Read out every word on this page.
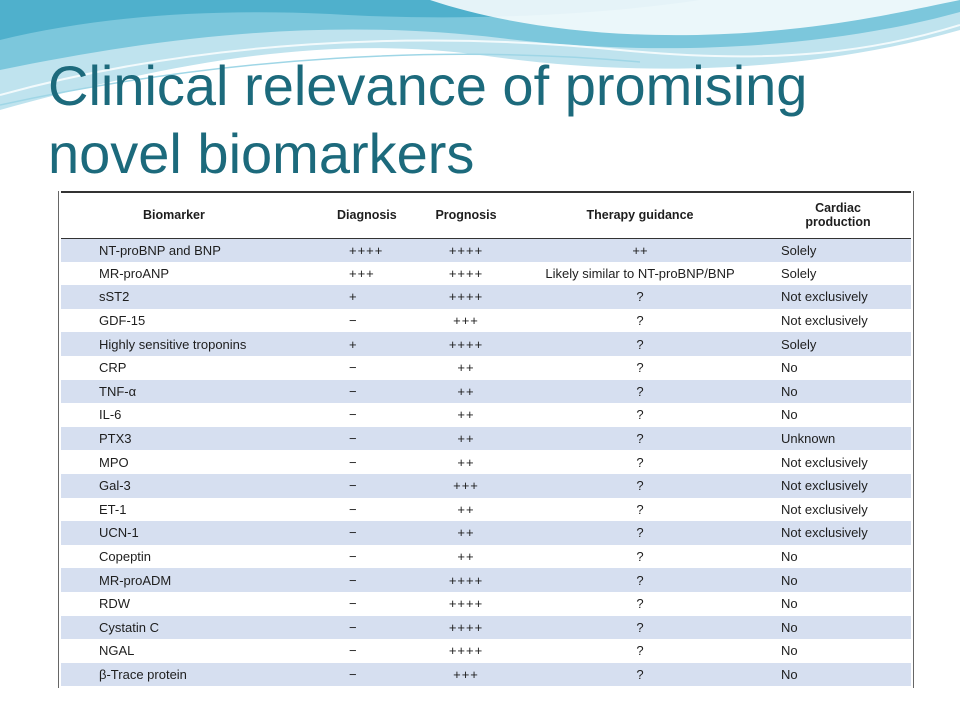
Clinical relevance of promising
novel biomarkers
Biomarker	Diagnosis	Prognosis	Therapy guidance	Cardiac
production
NT-proBNP and BNP	++++	++++	++	Solely
MR-proANP	+++	++++	Likely similar to NT-proBNP/BNP	Solely
sST2	+	++++	?	Not exclusively
GDF-15	−	+++	?	Not exclusively
Highly sensitive troponins	+	++++	?	Solely
CRP	−	++	?	No
TNF-α	−	++	?	No
IL-6	−	++	?	No
PTX3	−	++	?	Unknown
MPO	−	++	?	Not exclusively
Gal-3	−	+++	?	Not exclusively
ET-1	−	++	?	Not exclusively
UCN-1	−	++	?	Not exclusively
Copeptin	−	++	?	No
MR-proADM	−	++++	?	No
RDW	−	++++	?	No
Cystatin C	−	++++	?	No
NGAL	−	++++	?	No
β-Trace protein	−	+++	?	No
